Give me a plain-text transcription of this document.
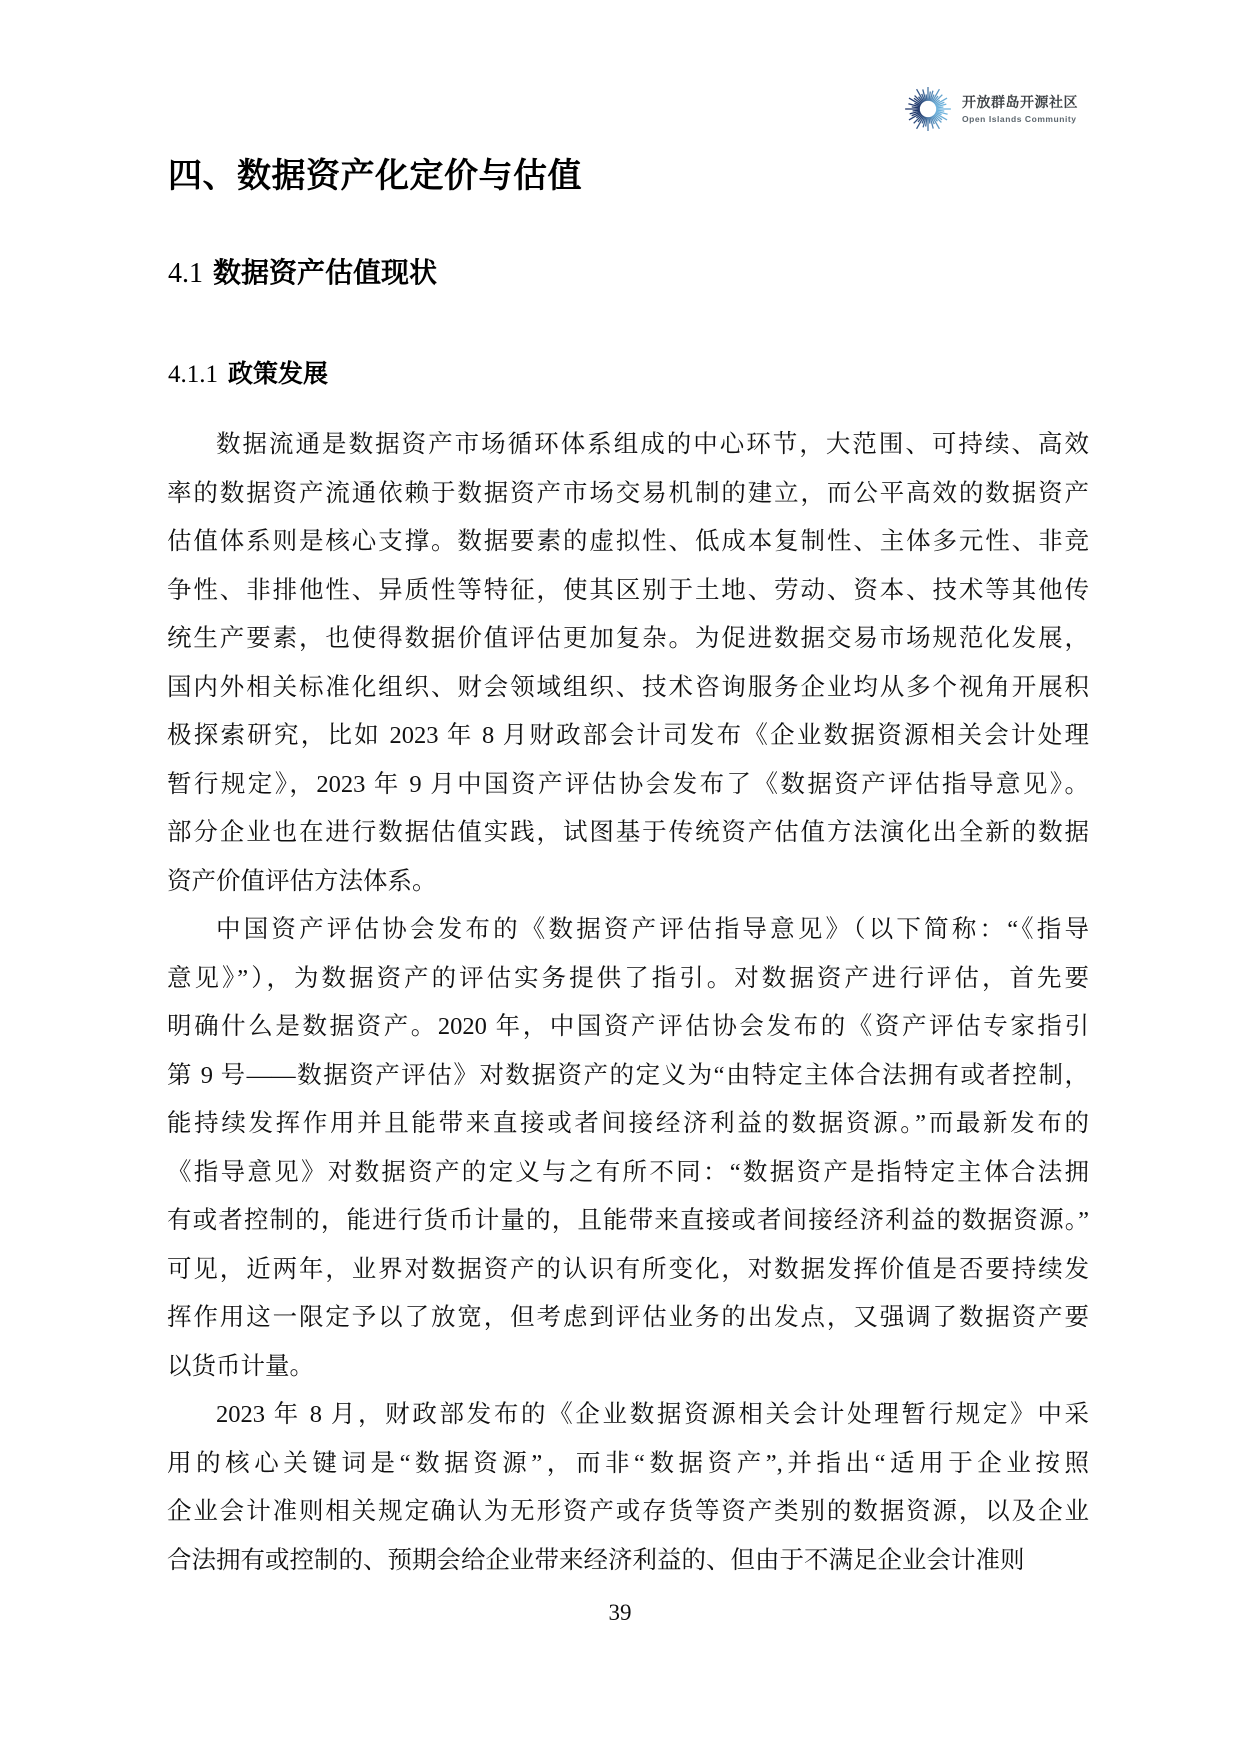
开放群岛开源社区
Open Islands Community
四、数据资产化定价与估值
4.1 数据资产估值现状
4.1.1 政策发展
数据流通是数据资产市场循环体系组成的中心环节，大范围、可持续、高效
率的数据资产流通依赖于数据资产市场交易机制的建立，而公平高效的数据资产
估值体系则是核心支撑。数据要素的虚拟性、低成本复制性、主体多元性、非竞
争性、非排他性、异质性等特征，使其区别于土地、劳动、资本、技术等其他传
统生产要素，也使得数据价值评估更加复杂。为促进数据交易市场规范化发展，
国内外相关标准化组织、财会领域组织、技术咨询服务企业均从多个视角开展积
极探索研究，比如 2023 年 8 月财政部会计司发布《企业数据资源相关会计处理
暂行规定》，2023 年 9 月中国资产评估协会发布了《数据资产评估指导意见》。
部分企业也在进行数据估值实践，试图基于传统资产估值方法演化出全新的数据
资产价值评估方法体系。
中国资产评估协会发布的《数据资产评估指导意见》（以下简称：“《指导
意见》”），为数据资产的评估实务提供了指引。对数据资产进行评估，首先要
明确什么是数据资产。2020 年，中国资产评估协会发布的《资产评估专家指引
第 9 号——数据资产评估》对数据资产的定义为“由特定主体合法拥有或者控制，
能持续发挥作用并且能带来直接或者间接经济利益的数据资源。”而最新发布的
《指导意见》对数据资产的定义与之有所不同：“数据资产是指特定主体合法拥
有或者控制的，能进行货币计量的，且能带来直接或者间接经济利益的数据资源。”
可见，近两年，业界对数据资产的认识有所变化，对数据发挥价值是否要持续发
挥作用这一限定予以了放宽，但考虑到评估业务的出发点，又强调了数据资产要
以货币计量。
2023 年 8 月，财政部发布的《企业数据资源相关会计处理暂行规定》中采
用的核心关键词是“数据资源”，而非“数据资产”,并指出“适用于企业按照
企业会计准则相关规定确认为无形资产或存货等资产类别的数据资源，以及企业
合法拥有或控制的、预期会给企业带来经济利益的、但由于不满足企业会计准则
39
